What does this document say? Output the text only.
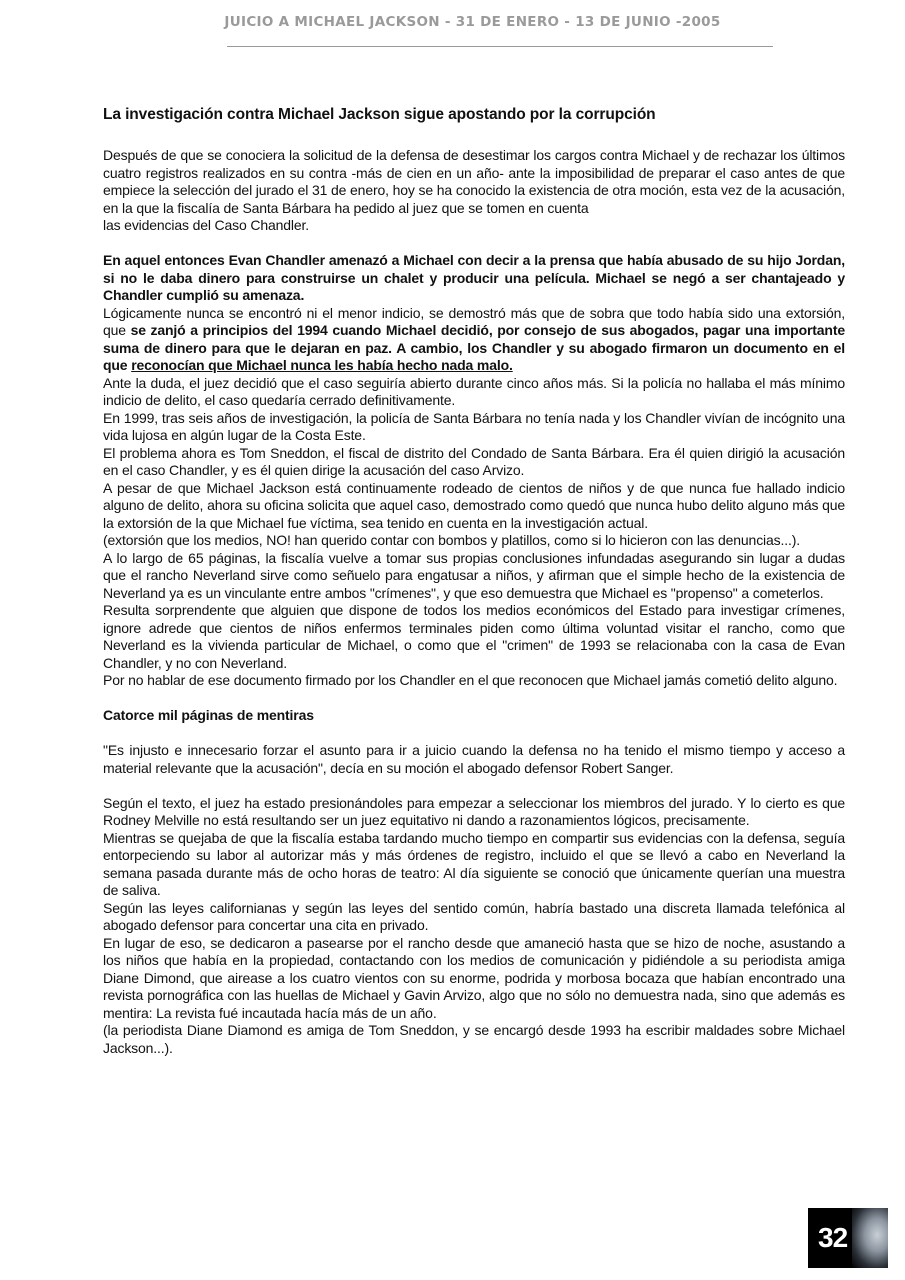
JUICIO A MICHAEL JACKSON - 31 DE ENERO - 13 DE JUNIO -2005
La investigación contra Michael Jackson sigue apostando por la corrupción

Después de que se conociera la solicitud de la defensa de desestimar los cargos contra Michael y de rechazar los últimos cuatro registros realizados en su contra -más de cien en un año- ante la imposibilidad de preparar el caso antes de que empiece la selección del jurado el 31 de enero, hoy se ha conocido la existencia de otra moción, esta vez de la acusación, en la que la fiscalía de Santa Bárbara ha pedido al juez que se tomen en cuenta

las evidencias del Caso Chandler.

En aquel entonces Evan Chandler amenazó a Michael con decir a la prensa que había abusado de su hijo Jordan, si no le daba dinero para construirse un chalet y producir una película. Michael se negó a ser chantajeado y Chandler cumplió su amenaza.

Lógicamente nunca se encontró ni el menor indicio, se demostró más que de sobra que todo había sido una extorsión, que se zanjó a principios del 1994 cuando Michael decidió, por consejo de sus abogados, pagar una importante suma de dinero para que le dejaran en paz. A cambio, los Chandler y su abogado firmaron un documento en el que reconocían que Michael nunca les había hecho nada malo.

Ante la duda, el juez decidió que el caso seguiría abierto durante cinco años más. Si la policía no hallaba el más mínimo indicio de delito, el caso quedaría cerrado definitivamente.

En 1999, tras seis años de investigación, la policía de Santa Bárbara no tenía nada y los Chandler vivían de incógnito una vida lujosa en algún lugar de la Costa Este.

El problema ahora es Tom Sneddon, el fiscal de distrito del Condado de Santa Bárbara. Era él quien dirigió la acusación en el caso Chandler, y es él quien dirige la acusación del caso Arvizo.

A pesar de que Michael Jackson está continuamente rodeado de cientos de niños y de que nunca fue hallado indicio alguno de delito, ahora su oficina solicita que aquel caso, demostrado como quedó que nunca hubo delito alguno más que la extorsión de la que Michael fue víctima, sea tenido en cuenta en la investigación actual.

(extorsión que los medios, NO! han querido contar con bombos y platillos, como si lo hicieron con las denuncias...).

A lo largo de 65 páginas, la fiscalía vuelve a tomar sus propias conclusiones infundadas asegurando sin lugar a dudas que el rancho Neverland sirve como señuelo para engatusar a niños, y afirman que el simple hecho de la existencia de Neverland ya es un vinculante entre ambos "crímenes", y que eso demuestra que Michael es "propenso" a cometerlos.

Resulta sorprendente que alguien que dispone de todos los medios económicos del Estado para investigar crímenes, ignore adrede que cientos de niños enfermos terminales piden como última voluntad visitar el rancho, como que Neverland es la vivienda particular de Michael, o como que el "crimen" de 1993 se relacionaba con la casa de Evan Chandler, y no con Neverland.

Por no hablar de ese documento firmado por los Chandler en el que reconocen que Michael jamás cometió delito alguno.

Catorce mil páginas de mentiras

"Es injusto e innecesario forzar el asunto para ir a juicio cuando la defensa no ha tenido el mismo tiempo y acceso a material relevante que la acusación", decía en su moción el abogado defensor Robert Sanger.

Según el texto, el juez ha estado presionándoles para empezar a seleccionar los miembros del jurado. Y lo cierto es que Rodney Melville no está resultando ser un juez equitativo ni dando a razonamientos lógicos, precisamente.

Mientras se quejaba de que la fiscalía estaba tardando mucho tiempo en compartir sus evidencias con la defensa, seguía entorpeciendo su labor al autorizar más y más órdenes de registro, incluido el que se llevó a cabo en Neverland la semana pasada durante más de ocho horas de teatro: Al día siguiente se conoció que únicamente querían una muestra de saliva.

Según las leyes californianas y según las leyes del sentido común, habría bastado una discreta llamada telefónica al abogado defensor para concertar una cita en privado.

En lugar de eso, se dedicaron a pasearse por el rancho desde que amaneció hasta que se hizo de noche, asustando a los niños que había en la propiedad, contactando con los medios de comunicación y pidiéndole a su periodista amiga Diane Dimond, que airease a los cuatro vientos con su enorme, podrida y morbosa bocaza que habían encontrado una revista pornográfica con las huellas de Michael y Gavin Arvizo, algo que no sólo no demuestra nada, sino que además es mentira: La revista fué incautada hacía más de un año.

(la periodista Diane Diamond es amiga de Tom Sneddon, y se encargó desde 1993 ha escribir maldades sobre Michael Jackson...).

32
